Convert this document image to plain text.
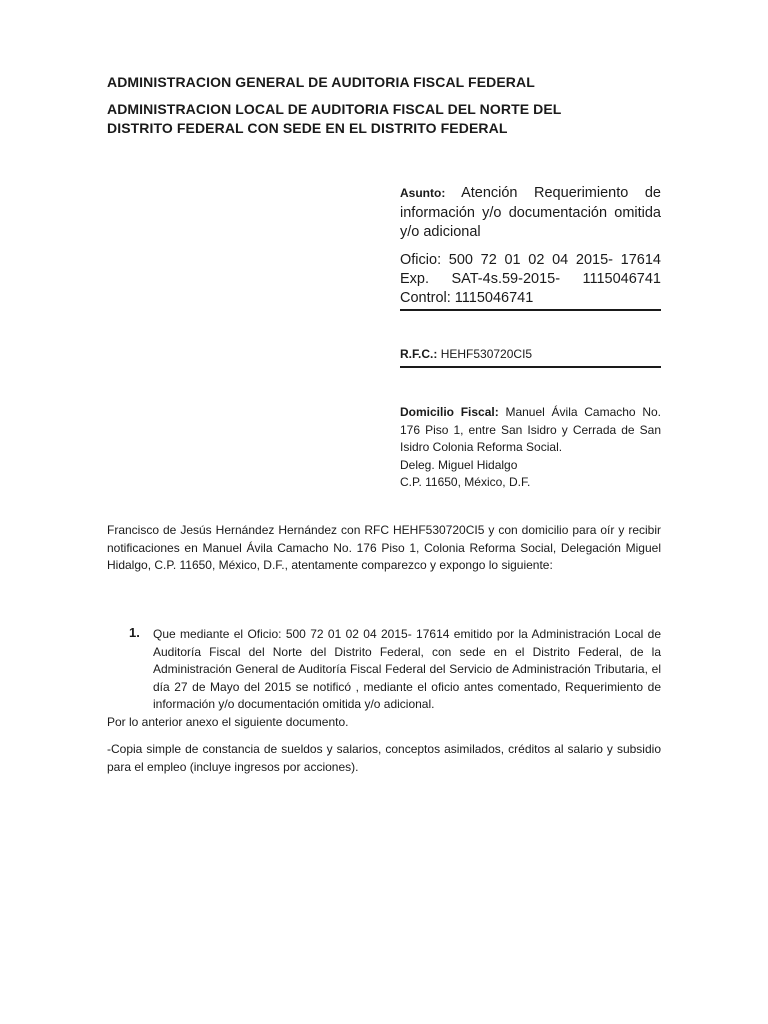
ADMINISTRACION GENERAL DE AUDITORIA FISCAL FEDERAL
ADMINISTRACION LOCAL DE AUDITORIA FISCAL DEL NORTE DEL DISTRITO FEDERAL CON SEDE EN EL DISTRITO FEDERAL
Asunto: Atención Requerimiento de información y/o documentación omitida y/o adicional
Oficio: 500 72 01 02 04 2015- 17614
Exp. SAT-4s.59-2015- 1115046741
Control: 1115046741
R.F.C.: HEHF530720CI5
Domicilio Fiscal: Manuel Ávila Camacho No. 176 Piso 1, entre San Isidro y Cerrada de San Isidro Colonia Reforma Social.
Deleg. Miguel Hidalgo
C.P. 11650, México, D.F.
Francisco de Jesús Hernández Hernández con RFC HEHF530720CI5 y con domicilio para oír y recibir notificaciones en Manuel Ávila Camacho No. 176 Piso 1, Colonia Reforma Social, Delegación Miguel Hidalgo, C.P. 11650, México, D.F., atentamente comparezco y expongo lo siguiente:
1. Que mediante el Oficio: 500 72 01 02 04 2015- 17614 emitido por la Administración Local de Auditoría Fiscal del Norte del Distrito Federal, con sede en el Distrito Federal, de la Administración General de Auditoría Fiscal Federal del Servicio de Administración Tributaria, el día 27 de Mayo del 2015 se notificó , mediante el oficio antes comentado, Requerimiento de información y/o documentación omitida y/o adicional.
Por lo anterior anexo el siguiente documento.
-Copia simple de constancia de sueldos y salarios, conceptos asimilados, créditos al salario y subsidio para el empleo (incluye ingresos por acciones).
